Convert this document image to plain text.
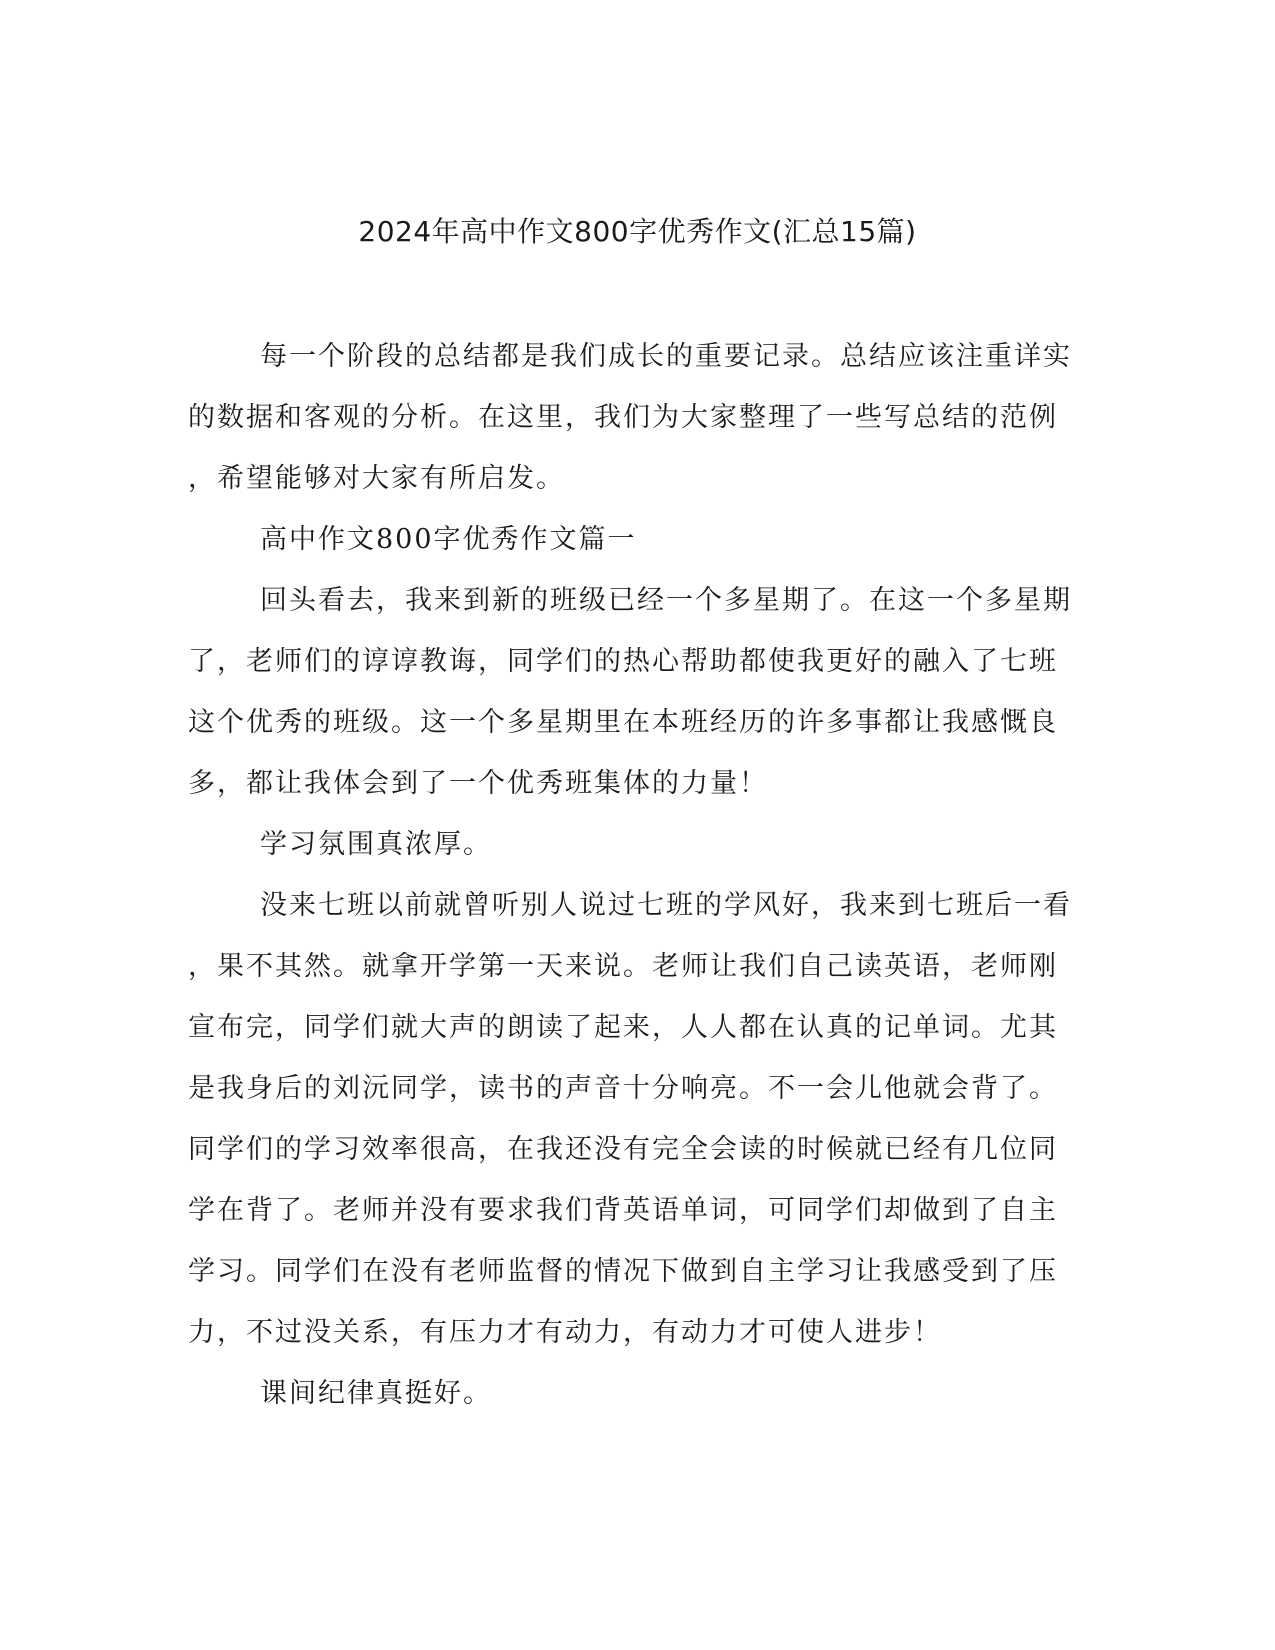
2024年高中作文800字优秀作文(汇总15篇)

每一个阶段的总结都是我们成长的重要记录。总结应该注重详实
的数据和客观的分析。在这里，我们为大家整理了一些写总结的范例
，希望能够对大家有所启发。

高中作文800字优秀作文篇一

回头看去，我来到新的班级已经一个多星期了。在这一个多星期
了，老师们的谆谆教诲，同学们的热心帮助都使我更好的融入了七班
这个优秀的班级。这一个多星期里在本班经历的许多事都让我感慨良
多，都让我体会到了一个优秀班集体的力量！

学习氛围真浓厚。

没来七班以前就曾听别人说过七班的学风好，我来到七班后一看
，果不其然。就拿开学第一天来说。老师让我们自己读英语，老师刚
宣布完，同学们就大声的朗读了起来，人人都在认真的记单词。尤其
是我身后的刘沅同学，读书的声音十分响亮。不一会儿他就会背了。
同学们的学习效率很高，在我还没有完全会读的时候就已经有几位同
学在背了。老师并没有要求我们背英语单词，可同学们却做到了自主
学习。同学们在没有老师监督的情况下做到自主学习让我感受到了压
力，不过没关系，有压力才有动力，有动力才可使人进步！

课间纪律真挺好。
